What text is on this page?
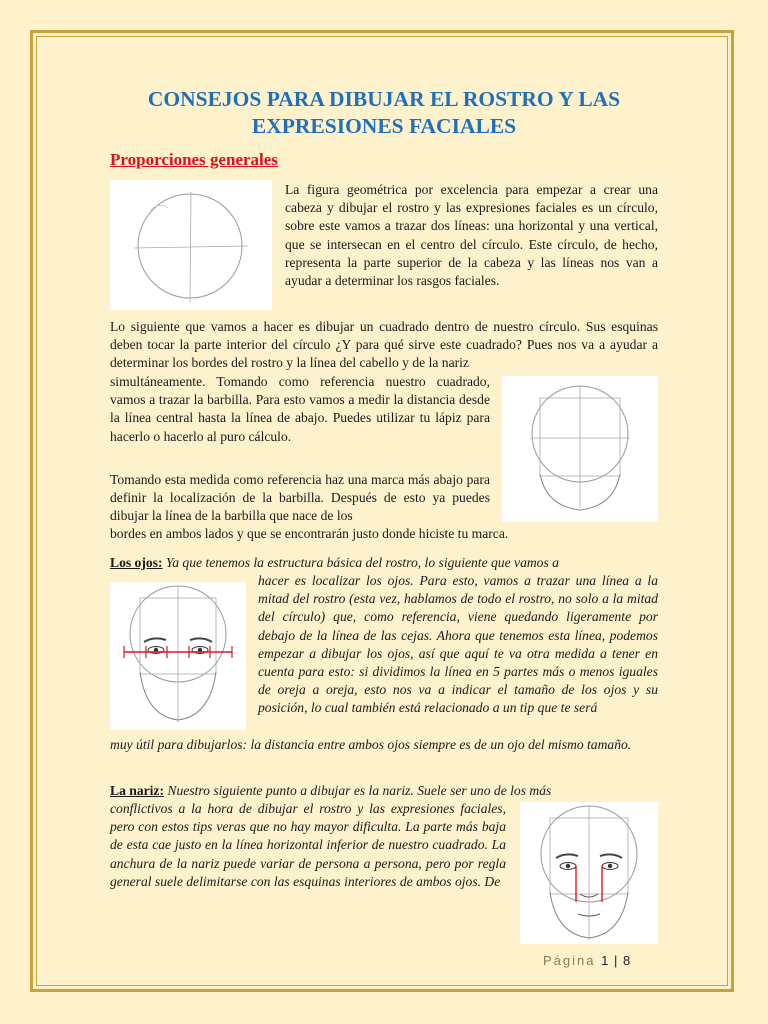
CONSEJOS PARA DIBUJAR EL ROSTRO Y LAS EXPRESIONES FACIALES
Proporciones generales

La figura geométrica por excelencia para empezar a crear una cabeza y dibujar el rostro y las expresiones faciales es un círculo, sobre este vamos a trazar dos líneas: una horizontal y una vertical, que se intersecan en el centro del círculo. Este círculo, de hecho, representa la parte superior de la cabeza y las líneas nos van a ayudar a determinar los rasgos faciales.

Lo siguiente que vamos a hacer es dibujar un cuadrado dentro de nuestro círculo. Sus esquinas deben tocar la parte interior del círculo ¿Y para qué sirve este cuadrado? Pues nos va a ayudar a determinar los bordes del rostro y la línea del cabello y de la nariz

simultáneamente. Tomando como referencia nuestro cuadrado, vamos a trazar la barbilla. Para esto vamos a medir la distancia desde la línea central hasta la línea de abajo. Puedes utilizar tu lápiz para hacerlo o hacerlo al puro cálculo.

Tomando esta medida como referencia haz una marca más abajo para definir la localización de la barbilla. Después de esto ya puedes dibujar la línea de la barbilla que nace de los

bordes en ambos lados y que se encontrarán justo donde hiciste tu marca.

Los ojos: Ya que tenemos la estructura básica del rostro, lo siguiente que vamos a

hacer es localizar los ojos. Para esto, vamos a trazar una línea a la mitad del rostro (esta vez, hablamos de todo el rostro, no solo a la mitad del círculo) que, como referencia, viene quedando ligeramente por debajo de la línea de las cejas. Ahora que tenemos esta línea, podemos empezar a dibujar los ojos, así que aquí te va otra medida a tener en cuenta para esto: si dividimos la línea en 5 partes más o menos iguales de oreja a oreja, esto nos va a indicar el tamaño de los ojos y su posición, lo cual también está relacionado a un tip que te será

muy útil para dibujarlos: la distancia entre ambos ojos siempre es de un ojo del mismo tamaño.

La nariz: Nuestro siguiente punto a dibujar es la nariz. Suele ser uno de los más

conflictivos a la hora de dibujar el rostro y las expresiones faciales, pero con estos tips veras que no hay mayor dificulta. La parte más baja de esta cae justo en la línea horizontal inferior de nuestro cuadrado. La anchura de la nariz puede variar de persona a persona, pero por regla general suele delimitarse con las esquinas interiores de ambos ojos. De

Página 1 | 8
